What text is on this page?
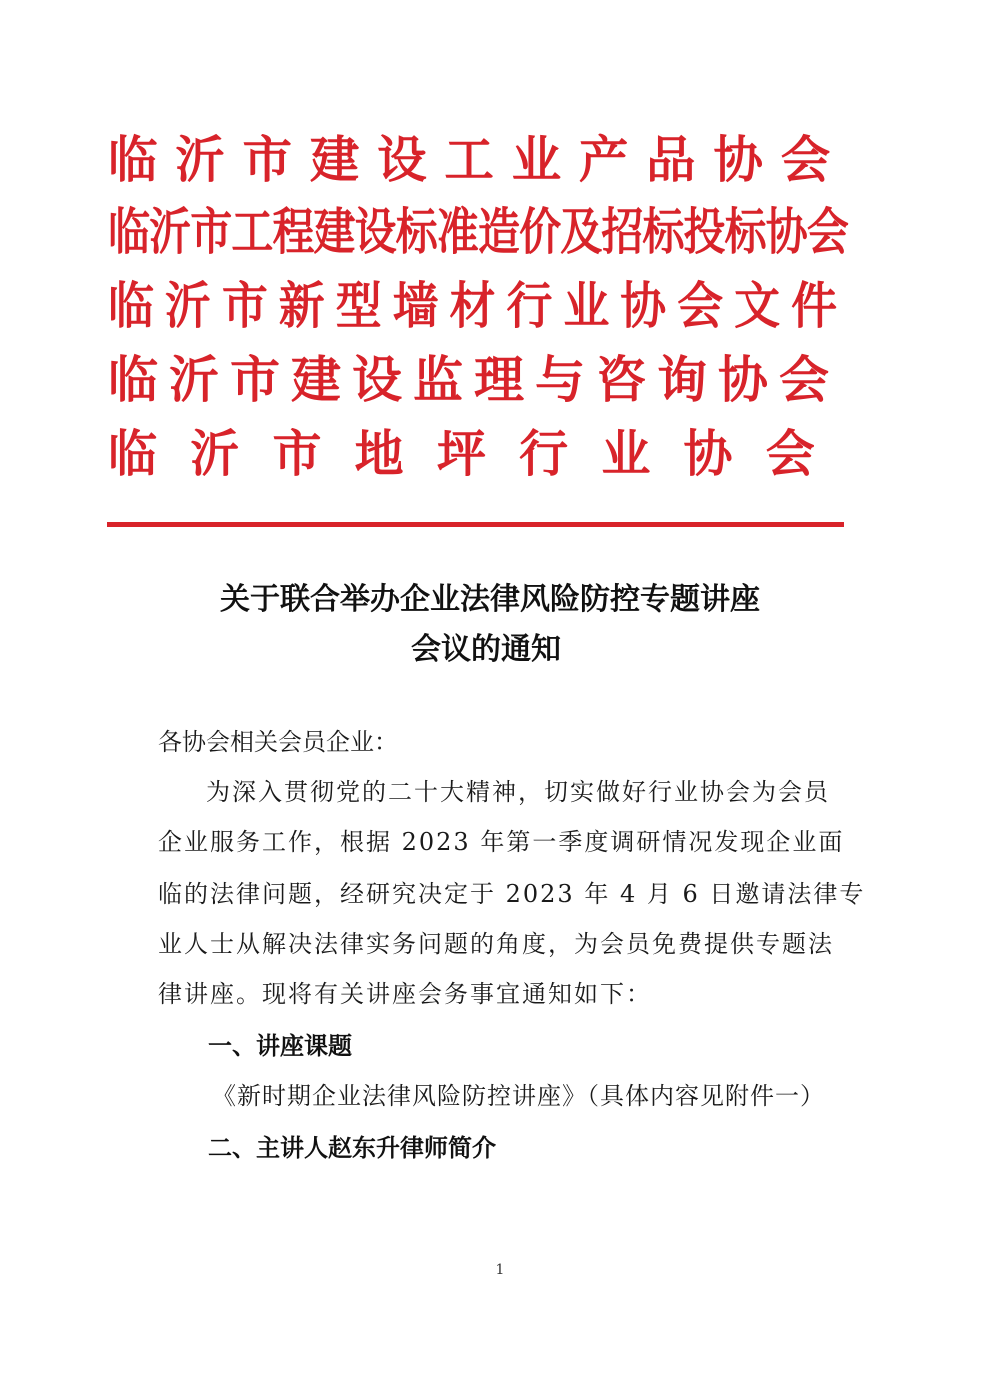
临沂市建设工业产品协会
临沂市工程建设标准造价及招标投标协会
临沂市新型墙材行业协会文件
临沂市建设监理与咨询协会
临沂市地坪行业协会
关于联合举办企业法律风险防控专题讲座
会议的通知
各协会相关会员企业：
为深入贯彻党的二十大精神，切实做好行业协会为会员
企业服务工作，根据 2023 年第一季度调研情况发现企业面
临的法律问题，经研究决定于 2023 年 4 月 6 日邀请法律专
业人士从解决法律实务问题的角度，为会员免费提供专题法
律讲座。现将有关讲座会务事宜通知如下：
一、讲座课题
《新时期企业法律风险防控讲座》（具体内容见附件一）
二、主讲人赵东升律师简介
1
